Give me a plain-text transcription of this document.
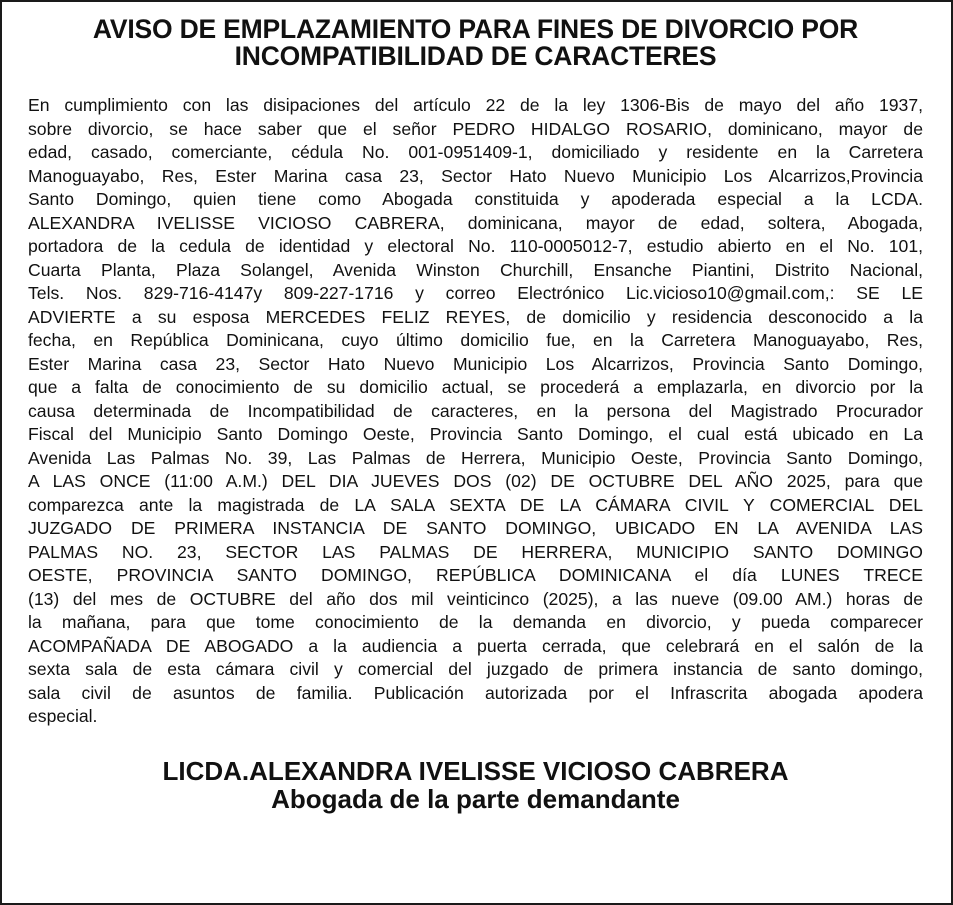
AVISO DE EMPLAZAMIENTO PARA FINES DE DIVORCIO POR
INCOMPATIBILIDAD DE CARACTERES
En cumplimiento con las disipaciones del artículo 22 de la ley 1306-Bis de mayo del año 1937,
sobre divorcio, se hace saber que el señor PEDRO HIDALGO ROSARIO, dominicano, mayor de
edad, casado, comerciante, cédula No. 001-0951409-1, domiciliado y residente en la Carretera
Manoguayabo, Res, Ester Marina casa 23, Sector Hato Nuevo Municipio Los Alcarrizos,Provincia
Santo Domingo, quien tiene como Abogada constituida y apoderada especial a la LCDA.
ALEXANDRA IVELISSE VICIOSO CABRERA, dominicana, mayor de edad, soltera, Abogada,
portadora de la cedula de identidad y electoral No. 110-0005012-7, estudio abierto en el No. 101,
Cuarta Planta, Plaza Solangel, Avenida Winston Churchill, Ensanche Piantini, Distrito Nacional,
Tels. Nos. 829-716-4147y 809-227-1716 y correo Electrónico Lic.vicioso10@gmail.com,: SE LE
ADVIERTE a su esposa MERCEDES FELIZ REYES, de domicilio y residencia desconocido a la
fecha, en República Dominicana, cuyo último domicilio fue, en la Carretera Manoguayabo, Res,
Ester Marina casa 23, Sector Hato Nuevo Municipio Los Alcarrizos, Provincia Santo Domingo,
que a falta de conocimiento de su domicilio actual, se procederá a emplazarla, en divorcio por la
causa determinada de Incompatibilidad de caracteres, en la persona del Magistrado Procurador
Fiscal del Municipio Santo Domingo Oeste, Provincia Santo Domingo, el cual está ubicado en La
Avenida Las Palmas No. 39, Las Palmas de Herrera, Municipio Oeste, Provincia Santo Domingo,
A LAS ONCE (11:00 A.M.) DEL DIA JUEVES DOS (02) DE OCTUBRE DEL AÑO 2025, para que
comparezca ante la magistrada de LA SALA SEXTA DE LA CÁMARA CIVIL Y COMERCIAL DEL
JUZGADO DE PRIMERA INSTANCIA DE SANTO DOMINGO, UBICADO EN LA AVENIDA LAS
PALMAS NO. 23, SECTOR LAS PALMAS DE HERRERA, MUNICIPIO SANTO DOMINGO
OESTE, PROVINCIA SANTO DOMINGO, REPÚBLICA DOMINICANA el día LUNES TRECE
(13) del mes de OCTUBRE del año dos mil veinticinco (2025), a las nueve (09.00 AM.) horas de
la mañana, para que tome conocimiento de la demanda en divorcio, y pueda comparecer
ACOMPAÑADA DE ABOGADO a la audiencia a puerta cerrada, que celebrará en el salón de la
sexta sala de esta cámara civil y comercial del juzgado de primera instancia de santo domingo,
sala civil de asuntos de familia. Publicación autorizada por el Infrascrita abogada apodera
especial.
LICDA.ALEXANDRA IVELISSE VICIOSO CABRERA
Abogada de la parte demandante
